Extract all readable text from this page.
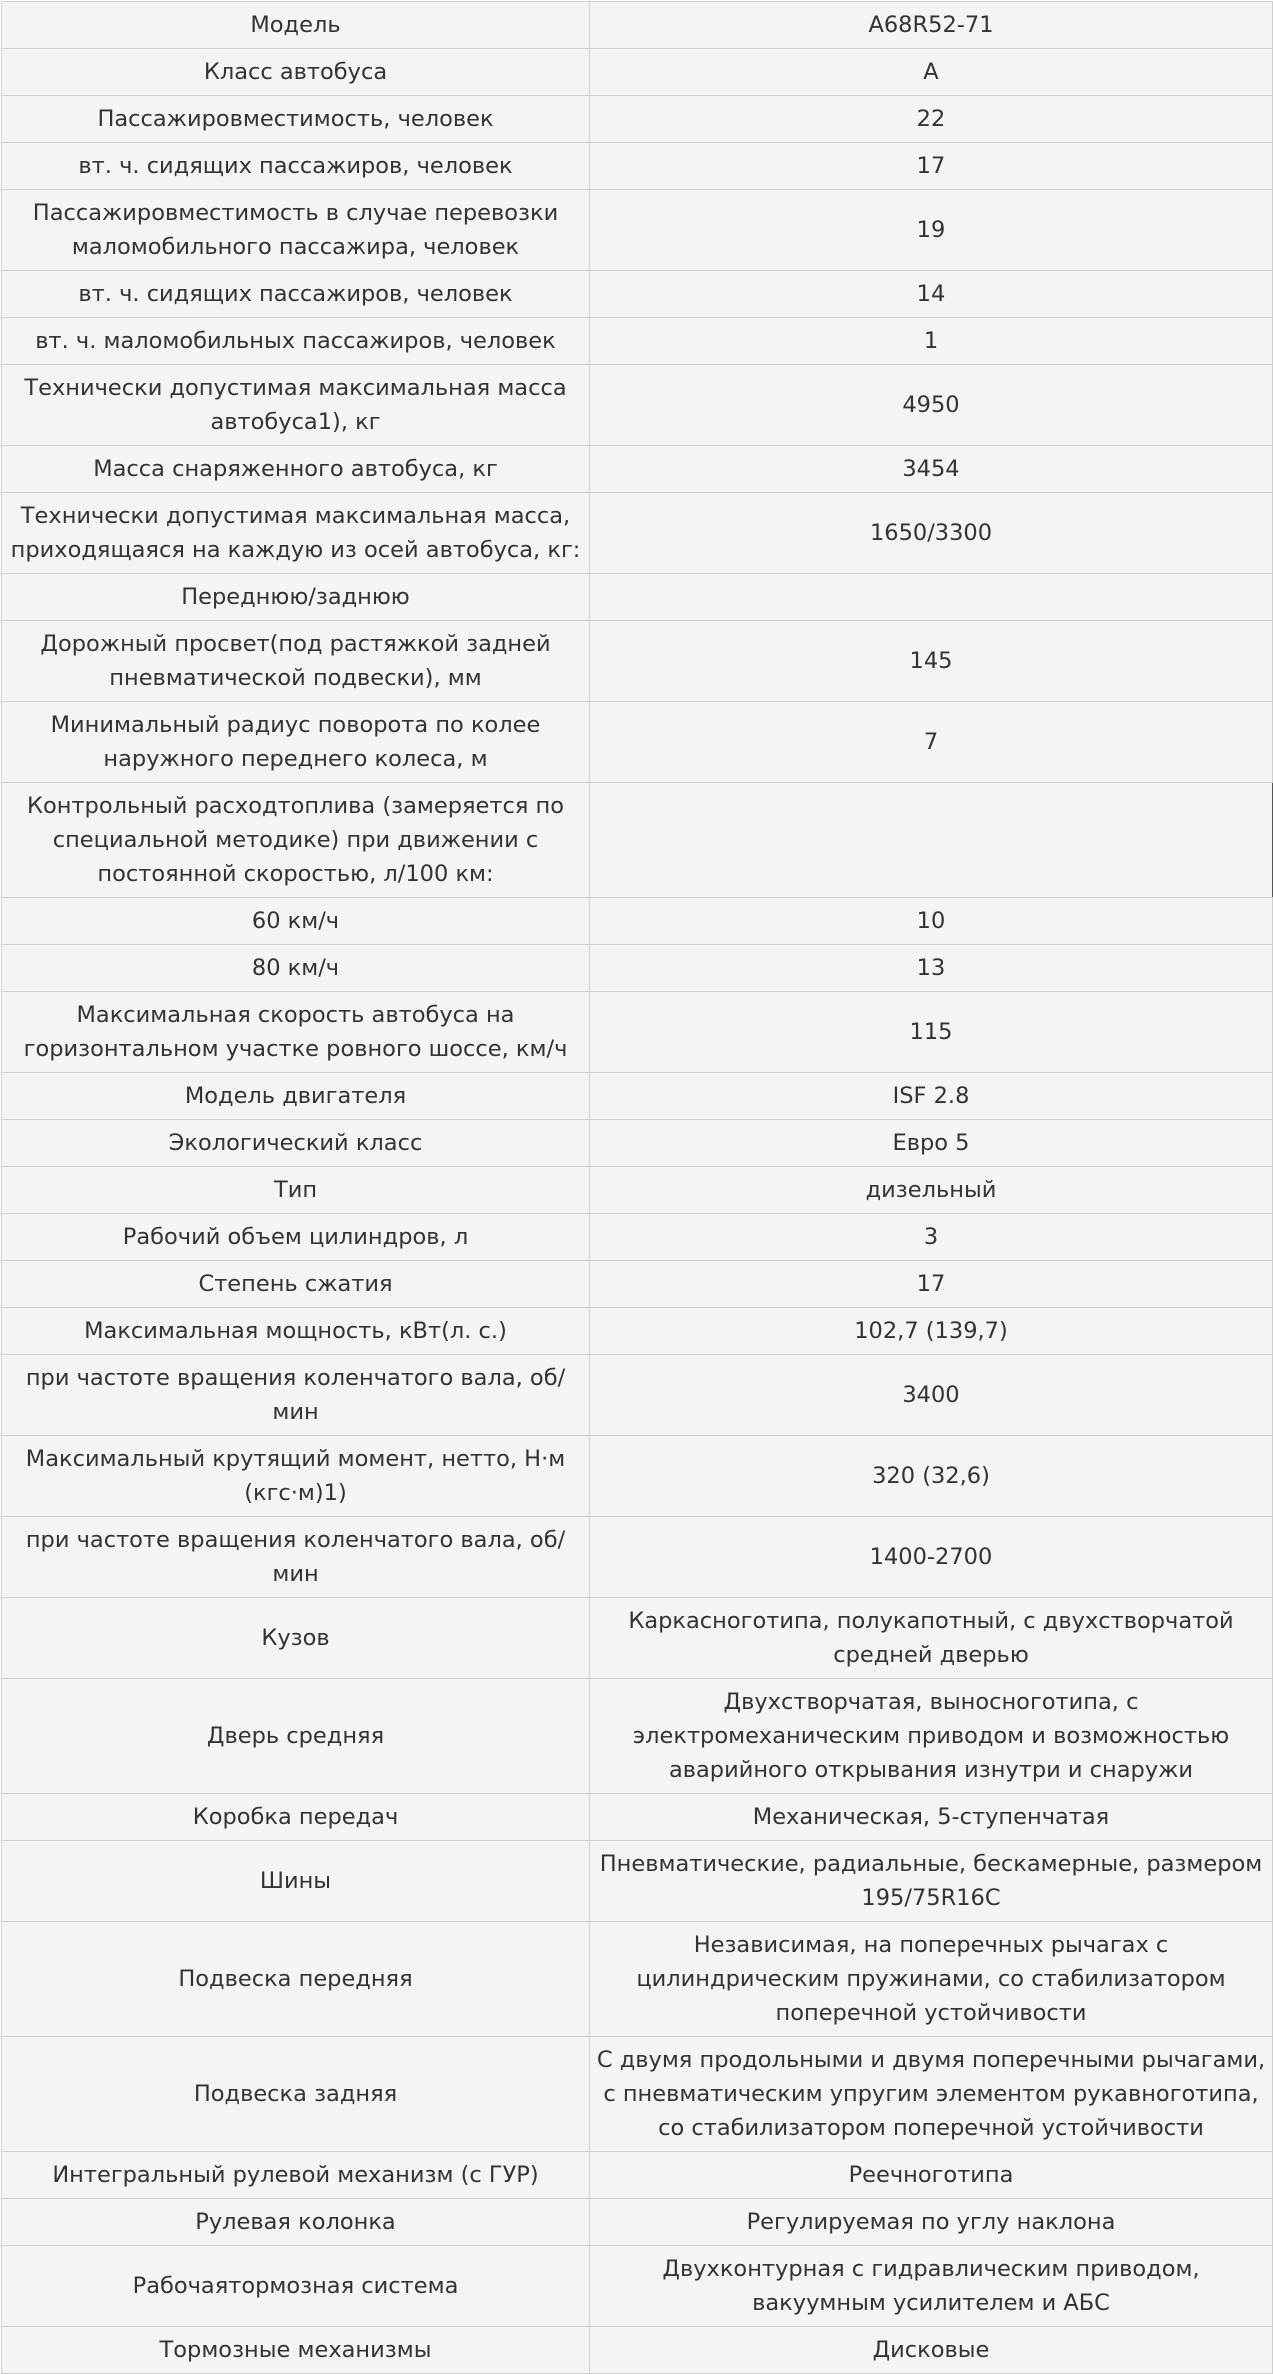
Модель	A68R52-71
Класс автобуса	A
Пассажировместимость, человек	22
вт. ч. сидящих пассажиров, человек	17
Пассажировместимость в случае перевозки маломобильного пассажира, человек	19
вт. ч. сидящих пассажиров, человек	14
вт. ч. маломобильных пассажиров, человек	1
Технически допустимая максимальная масса автобуса1), кг	4950
Масса снаряженного автобуса, кг	3454
Технически допустимая максимальная масса, приходящаяся на каждую из осей автобуса, кг:	1650/3300
Переднюю/заднюю	
Дорожный просвет(под растяжкой задней пневматической подвески), мм	145
Минимальный радиус поворота по колее наружного переднего колеса, м	7
Контрольный расходтоплива (замеряется по специальной методике) при движении с постоянной скоростью, л/100 км:	
60 км/ч	10
80 км/ч	13
Максимальная скорость автобуса на горизонтальном участке ровного шоссе, км/ч	115
Модель двигателя	ISF 2.8
Экологический класс	Евро 5
Тип	дизельный
Рабочий объем цилиндров, л	3
Степень сжатия	17
Максимальная мощность, кВт(л. с.)	102,7 (139,7)
при частоте вращения коленчатого вала, об/мин	3400
Максимальный крутящий момент, нетто, Н·м (кгс·м)1)	320 (32,6)
при частоте вращения коленчатого вала, об/мин	1400-2700
Кузов	Каркасноготипа, полукапотный, с двухстворчатой средней дверью
Дверь средняя	Двухстворчатая, выносноготипа, с электромеханическим приводом и возможностью аварийного открывания изнутри и снаружи
Коробка передач	Механическая, 5-ступенчатая
Шины	Пневматические, радиальные, бескамерные, размером 195/75R16C
Подвеска передняя	Независимая, на поперечных рычагах с цилиндрическим пружинами, со стабилизатором поперечной устойчивости
Подвеска задняя	С двумя продольными и двумя поперечными рычагами, с пневматическим упругим элементом рукавноготипа, со стабилизатором поперечной устойчивости
Интегральный рулевой механизм (с ГУР)	Реечноготипа
Рулевая колонка	Регулируемая по углу наклона
Рабочаятормозная система	Двухконтурная с гидравлическим приводом, вакуумным усилителем и АБС
Тормозные механизмы	Дисковые
